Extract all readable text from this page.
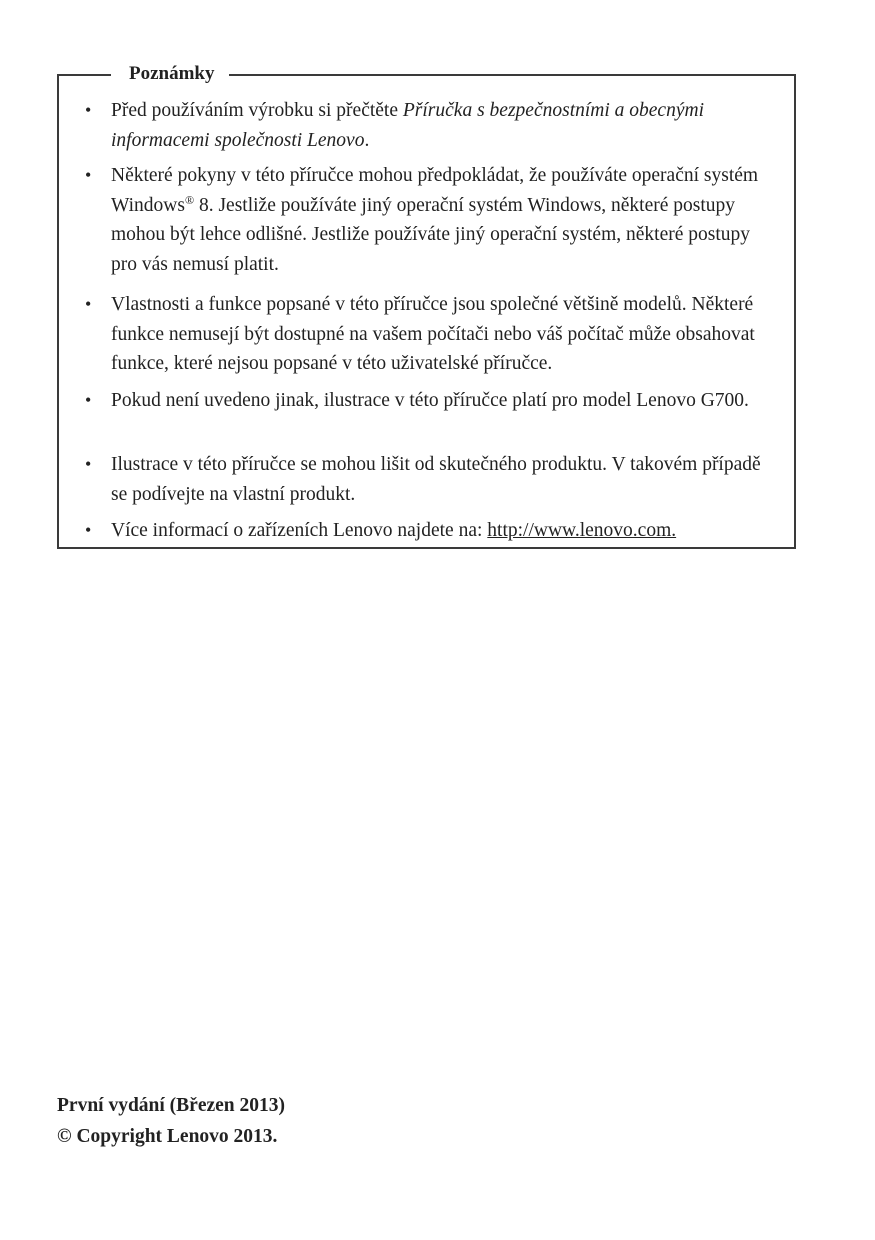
Poznámky
•	Před používáním výrobku si přečtěte Příručka s bezpečnostními a obecnými informacemi společnosti Lenovo.
•	Některé pokyny v této příručce mohou předpokládat, že používáte operační systém Windows® 8. Jestliže používáte jiný operační systém Windows, některé postupy mohou být lehce odlišné. Jestliže používáte jiný operační systém, některé postupy pro vás nemusí platit.
•	Vlastnosti a funkce popsané v této příručce jsou společné většině modelů. Některé funkce nemusejí být dostupné na vašem počítači nebo váš počítač může obsahovat funkce, které nejsou popsané v této uživatelské příručce.
•	Pokud není uvedeno jinak, ilustrace v této příručce platí pro model Lenovo G700.
•	Ilustrace v této příručce se mohou lišit od skutečného produktu. V takovém případě se podívejte na vlastní produkt.
•	Více informací o zařízeních Lenovo najdete na: http://www.lenovo.com.
První vydání (Březen 2013)
© Copyright Lenovo 2013.
